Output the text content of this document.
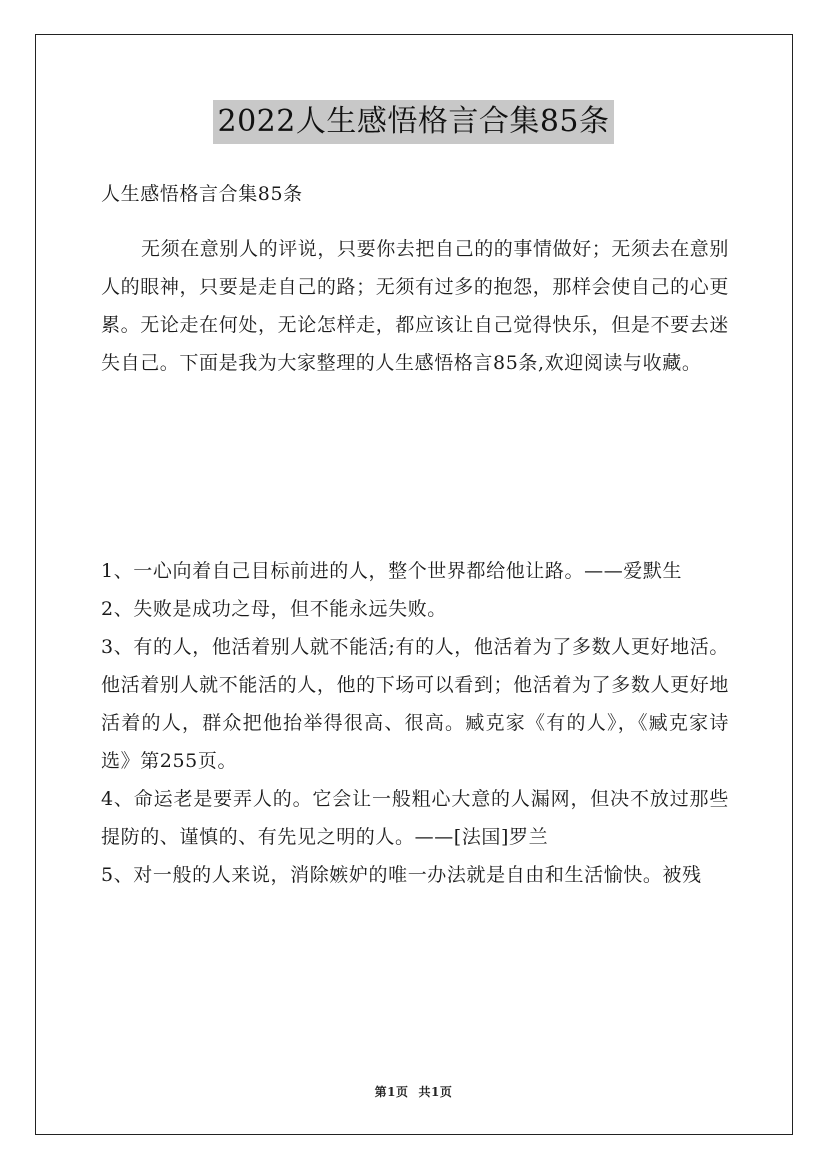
2022人生感悟格言合集85条
人生感悟格言合集85条
无须在意别人的评说，只要你去把自己的的事情做好；无须去在意别人的眼神，只要是走自己的路；无须有过多的抱怨，那样会使自己的心更累。无论走在何处，无论怎样走，都应该让自己觉得快乐，但是不要去迷失自己。下面是我为大家整理的人生感悟格言85条,欢迎阅读与收藏。

1、一心向着自己目标前进的人，整个世界都给他让路。——爱默生

2、失败是成功之母，但不能永远失败。

3、有的人，他活着别人就不能活;有的人，他活着为了多数人更好地活。他活着别人就不能活的人，他的下场可以看到；他活着为了多数人更好地活着的人，群众把他抬举得很高、很高。臧克家《有的人》，《臧克家诗选》第255页。

4、命运老是要弄人的。它会让一般粗心大意的人漏网，但决不放过那些提防的、谨慎的、有先见之明的人。——[法国]罗兰

5、对一般的人来说，消除嫉妒的唯一办法就是自由和生活愉快。被残

第1页 共1页
